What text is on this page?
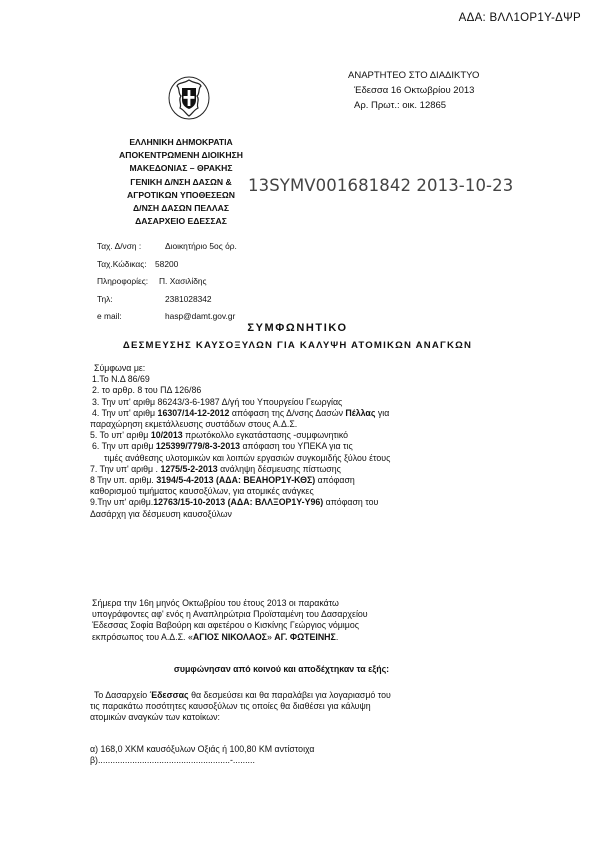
ΑΔΑ: ΒΛΛ1ΟΡ1Υ-ΔΨΡ
ΑΝΑΡΤΗΤΕΟ ΣΤΟ ΔΙΑΔΙΚΤΥΟ
Έδεσσα 16 Οκτωβρίου 2013
Αρ. Πρωτ.: οικ. 12865
ΕΛΛΗΝΙΚΗ ΔΗΜΟΚΡΑΤΙΑ
ΑΠΟΚΕΝΤΡΩΜΕΝΗ ΔΙΟΙΚΗΣΗ
ΜΑΚΕΔΟΝΙΑΣ – ΘΡΑΚΗΣ
ΓΕΝΙΚΗ Δ/ΝΣΗ ΔΑΣΩΝ &
ΑΓΡΟΤΙΚΩΝ ΥΠΟΘΕΣΕΩΝ
Δ/ΝΣΗ ΔΑΣΩΝ ΠΕΛΛΑΣ
ΔΑΣΑΡΧΕΙΟ ΕΔΕΣΣΑΣ
13SYMV001681842 2013-10-23
Ταχ. Δ/νση :	Διοικητήριο 5ος όρ.
Ταχ.Κώδικας:	58200
Πληροφορίες:	Π. Χασιλίδης
Τηλ:	2381028342
e mail:	hasp@damt.gov.gr
ΣΥΜΦΩΝΗΤΙΚΟ
ΔΕΣΜΕΥΣΗΣ ΚΑΥΣΟΞΥΛΩΝ ΓΙΑ ΚΑΛΥΨΗ ΑΤΟΜΙΚΩΝ ΑΝΑΓΚΩΝ
Σύμφωνα με:
1.Το Ν.Δ 86/69
2. το αρθρ. 8 του ΠΔ 126/86
3. Την υπ' αριθμ 86243/3-6-1987 Δ/γή του Υπουργείου Γεωργίας
4. Την υπ' αριθμ 16307/14-12-2012 απόφαση της Δ/νσης Δασών Πέλλας για
παραχώρηση εκμετάλλευσης συστάδων στους Α.Δ.Σ.
5. Το υπ' αριθμ 10/2013 πρωτόκολλο εγκατάστασης -συμφωνητικό
6. Την υπ αριθμ 125399/779/8-3-2013 απόφαση του ΥΠΕΚΑ για τις
τιμές ανάθεσης υλοτομικών και λοιπών εργασιών συγκομιδής ξύλου έτους
7. Την υπ' αριθμ . 1275/5-2-2013 ανάληψη δέσμευσης πίστωσης
8 Την υπ. αριθμ. 3194/5-4-2013 (ΑΔΑ: ΒΕΑΗΟΡ1Υ-ΚΘΣ) απόφαση
καθορισμού τιμήματος καυσοξύλων, για ατομικές ανάγκες
9.Την υπ' αριθμ.12763/15-10-2013 (ΑΔΑ: ΒΛΛΞΟΡ1Υ-Υ96) απόφαση του
Δασάρχη για δέσμευση καυσοξύλων
Σήμερα την 16η μηνός Οκτωβρίου του έτους 2013 οι παρακάτω
υπογράφοντες αφ' ενός η Αναπληρώτρια Προϊσταμένη του Δασαρχείου
Έδεσσας Σοφία Βαβούρη και αφετέρου ο Κισκίνης Γεώργιος νόμιμος
εκπρόσωπος του Α.Δ.Σ. «ΑΓΙΟΣ ΝΙΚΟΛΑΟΣ» ΑΓ. ΦΩΤΕΙΝΗΣ.
συμφώνησαν από κοινού και αποδέχτηκαν τα εξής:
Το Δασαρχείο Έδεσσας θα δεσμεύσει και θα παραλάβει για λογαριασμό του
τις παρακάτω ποσότητες καυσοξύλων τις οποίες θα διαθέσει για κάλυψη
ατομικών αναγκών των κατοίκων:
α) 168,0 ΧΚΜ καυσόξυλων Οξιάς ή 100,80 ΚΜ αντίστοιχα
β)......................................................-.........
